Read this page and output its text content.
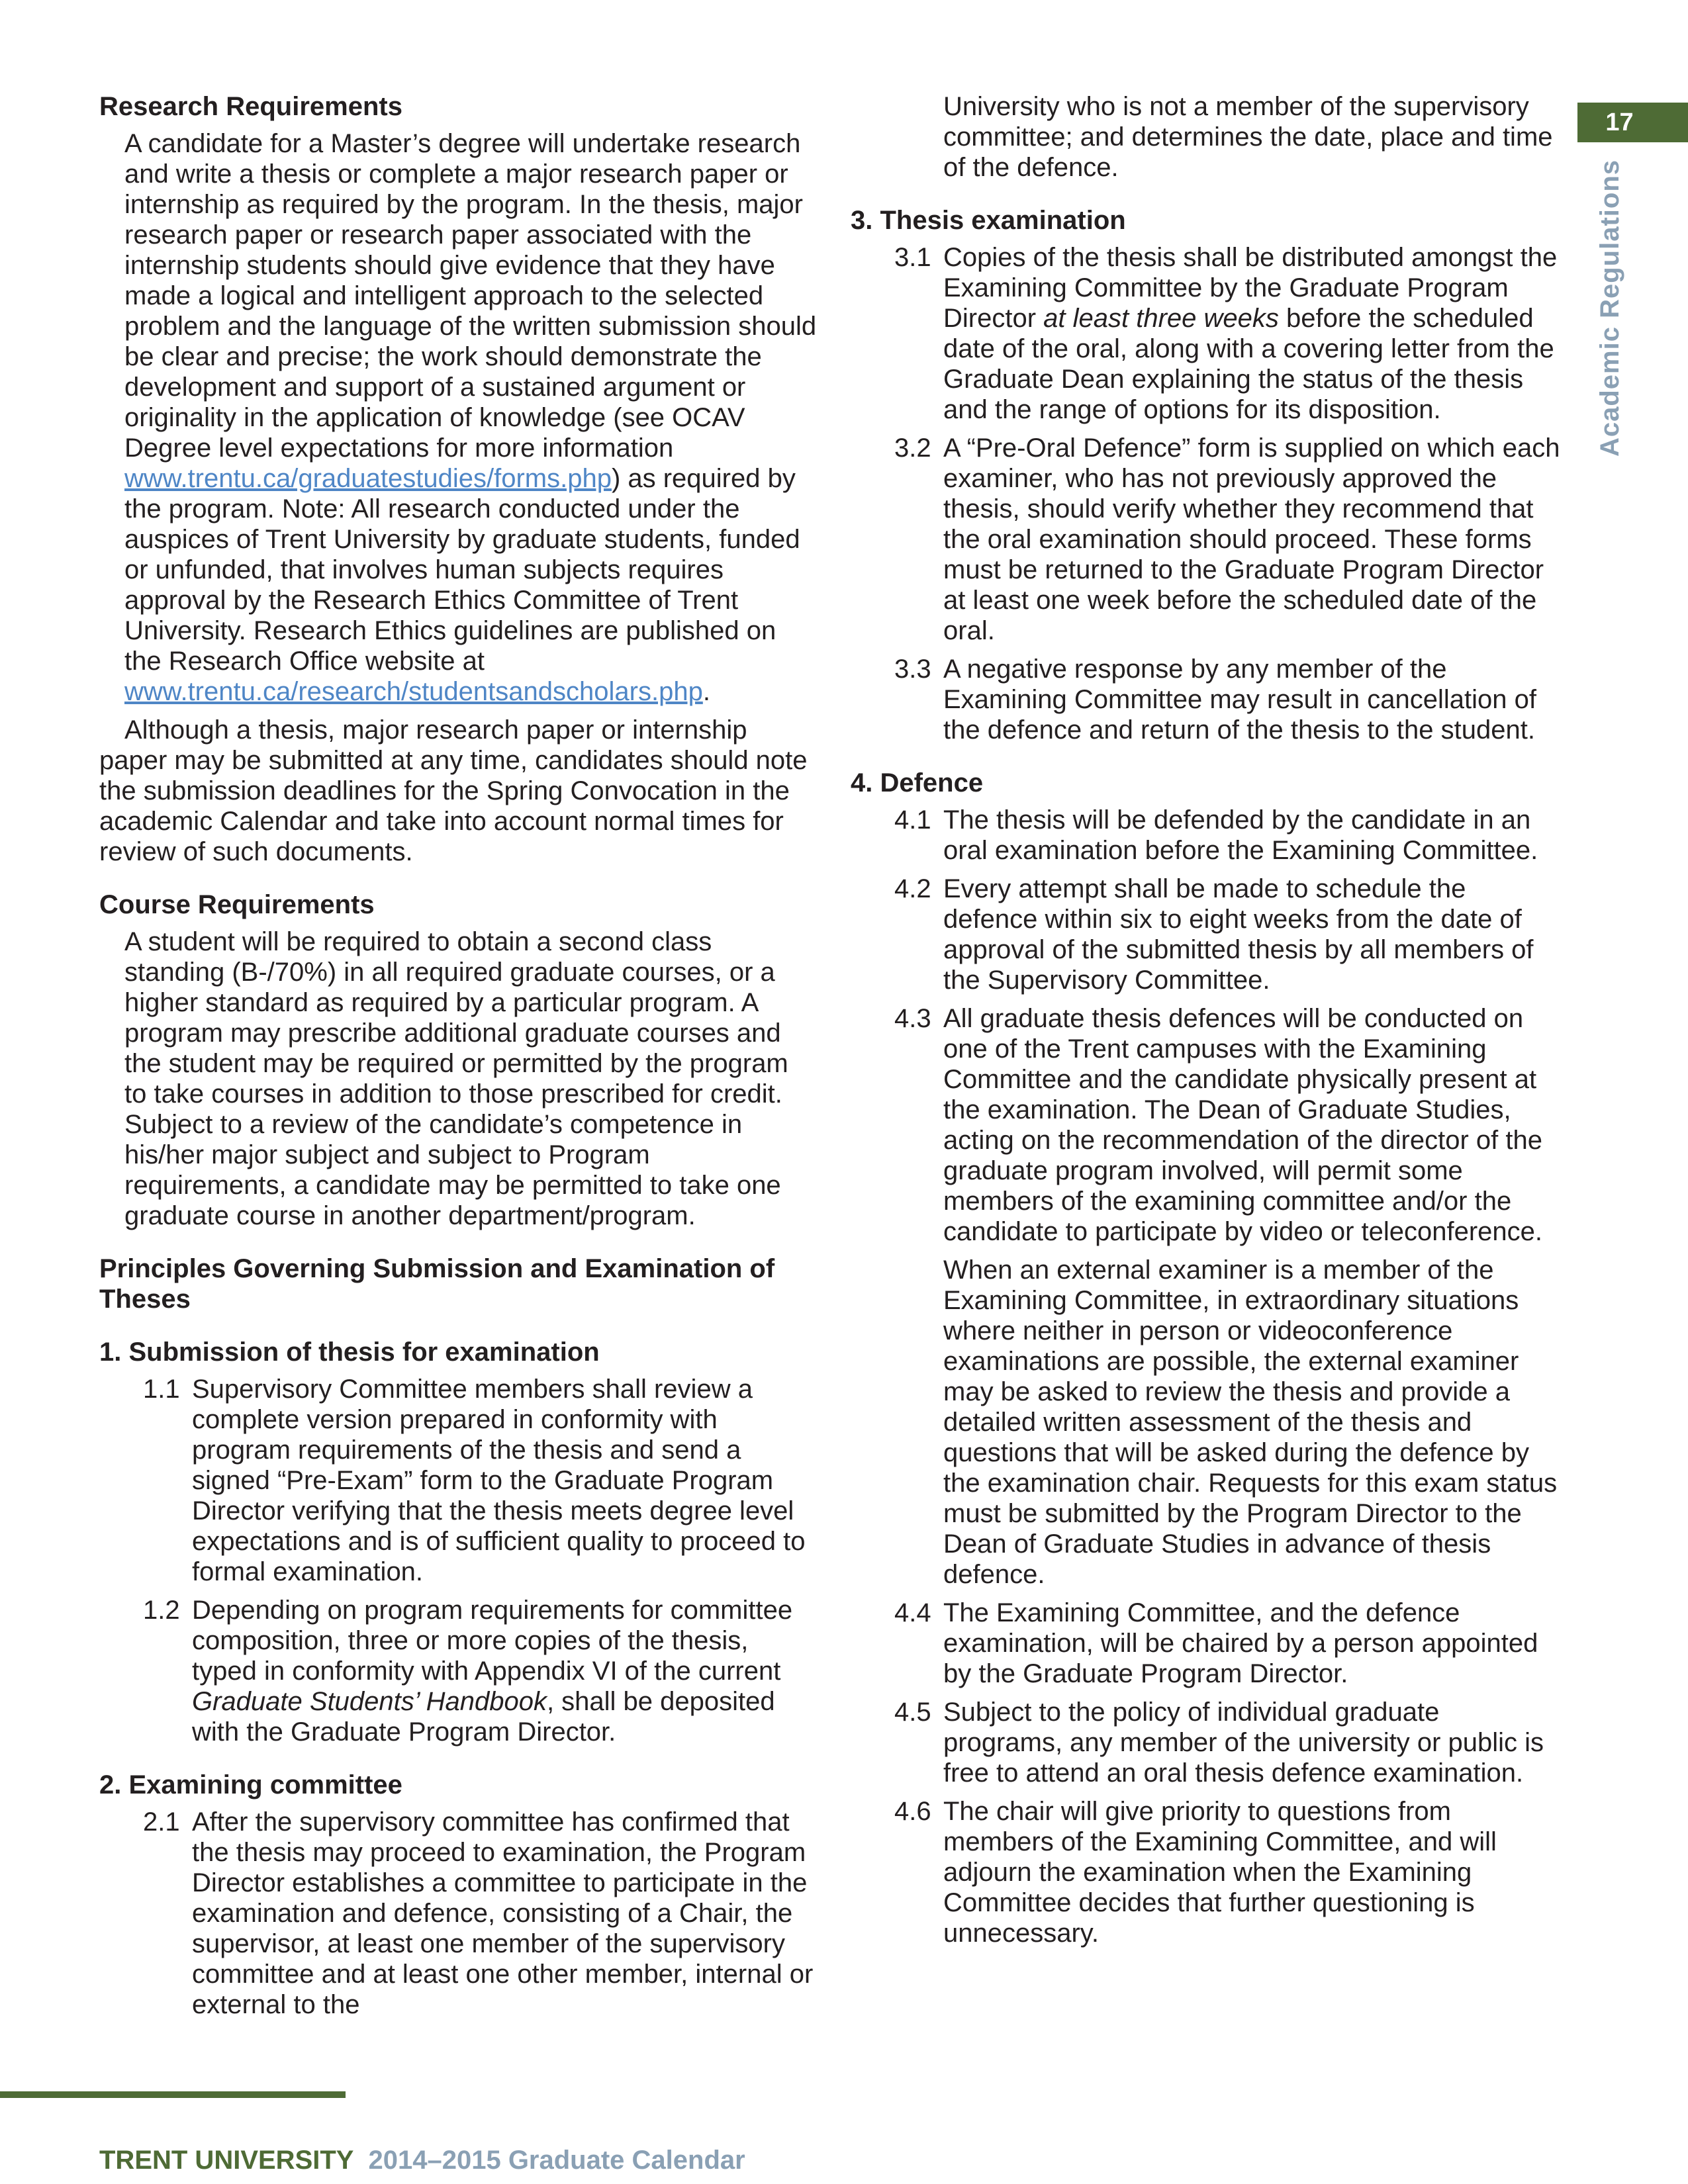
17
Academic Regulations
Research Requirements

A candidate for a Master’s degree will undertake research and write a thesis or complete a major research paper or internship as required by the program. In the thesis, major research paper or research paper associated with the internship students should give evidence that they have made a logical and intelligent approach to the selected problem and the language of the written submission should be clear and precise; the work should demonstrate the development and support of a sustained argument or originality in the application of knowledge (see OCAV Degree level expectations for more information www.trentu.ca/graduatestudies/forms.php) as required by the program. Note: All research conducted under the auspices of Trent University by graduate students, funded or unfunded, that involves human subjects requires approval by the Research Ethics Committee of Trent University. Research Ethics guidelines are published on the Research Office website at www.trentu.ca/research/studentsandscholars.php.

Although a thesis, major research paper or internship paper may be submitted at any time, candidates should note the submission deadlines for the Spring Convocation in the academic Calendar and take into account normal times for review of such documents.

Course Requirements

A student will be required to obtain a second class standing (B-/70%) in all required graduate courses, or a higher standard as required by a particular program. A program may prescribe additional graduate courses and the student may be required or permitted by the program to take courses in addition to those prescribed for credit. Subject to a review of the candidate’s competence in his/her major subject and subject to Program requirements, a candidate may be permitted to take one graduate course in another department/program.

Principles Governing Submission and Examination of Theses
1. Submission of thesis for examination
1.1 Supervisory Committee members shall review a complete version prepared in conformity with program requirements of the thesis and send a signed “Pre-Exam” form to the Graduate Program Director verifying that the thesis meets degree level expectations and is of sufficient quality to proceed to formal examination.
1.2 Depending on program requirements for committee composition, three or more copies of the thesis, typed in conformity with Appendix VI of the current Graduate Students’ Handbook, shall be deposited with the Graduate Program Director.
2. Examining committee
2.1 After the supervisory committee has confirmed that the thesis may proceed to examination, the Program Director establishes a committee to participate in the examination and defence, consisting of a Chair, the supervisor, at least one member of the supervisory committee and at least one other member, internal or external to the

University who is not a member of the supervisory committee; and determines the date, place and time of the defence.

3. Thesis examination
3.1 Copies of the thesis shall be distributed amongst the Examining Committee by the Graduate Program Director at least three weeks before the scheduled date of the oral, along with a covering letter from the Graduate Dean explaining the status of the thesis and the range of options for its disposition.
3.2 A “Pre-Oral Defence” form is supplied on which each examiner, who has not previously approved the thesis, should verify whether they recommend that the oral examination should proceed. These forms must be returned to the Graduate Program Director at least one week before the scheduled date of the oral.
3.3 A negative response by any member of the Examining Committee may result in cancellation of the defence and return of the thesis to the student.
4. Defence
4.1 The thesis will be defended by the candidate in an oral examination before the Examining Committee.
4.2 Every attempt shall be made to schedule the defence within six to eight weeks from the date of approval of the submitted thesis by all members of the Supervisory Committee.
4.3 All graduate thesis defences will be conducted on one of the Trent campuses with the Examining Committee and the candidate physically present at the examination. The Dean of Graduate Studies, acting on the recommendation of the director of the graduate program involved, will permit some members of the examining committee and/or the candidate to participate by video or teleconference.

When an external examiner is a member of the Examining Committee, in extraordinary situations where neither in person or videoconference examinations are possible, the external examiner may be asked to review the thesis and provide a detailed written assessment of the thesis and questions that will be asked during the defence by the examination chair. Requests for this exam status must be submitted by the Program Director to the Dean of Graduate Studies in advance of thesis defence.

4.4 The Examining Committee, and the defence examination, will be chaired by a person appointed by the Graduate Program Director.
4.5 Subject to the policy of individual graduate programs, any member of the university or public is free to attend an oral thesis defence examination.
4.6 The chair will give priority to questions from members of the Examining Committee, and will adjourn the examination when the Examining Committee decides that further questioning is unnecessary.
TRENT UNIVERSITY 2014–2015 Graduate Calendar
